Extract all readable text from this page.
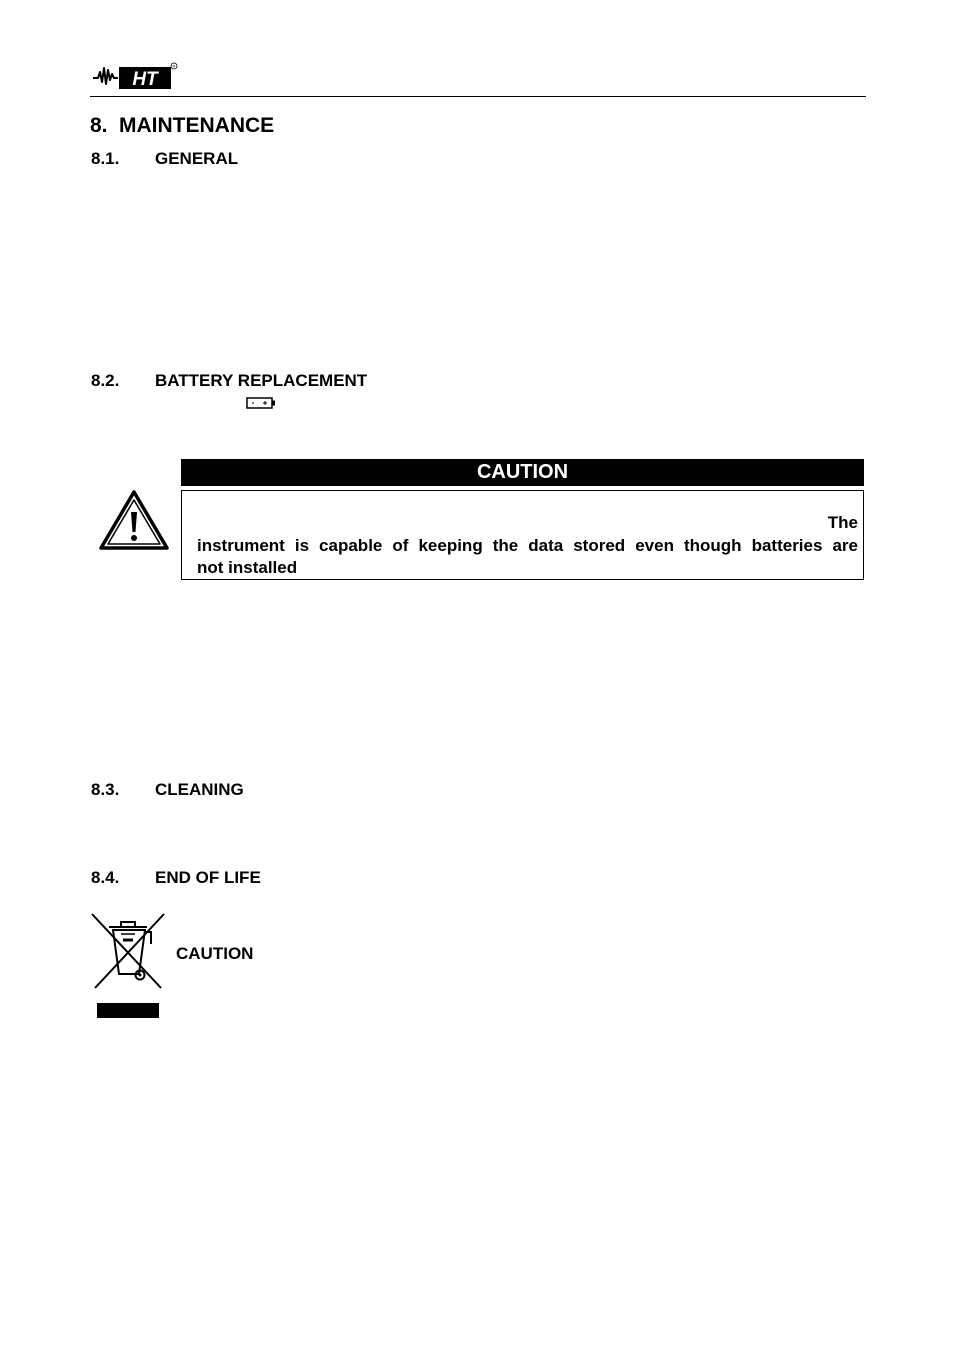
HT
R
8. MAINTENANCE
8.1. GENERAL
8.2. BATTERY REPLACEMENT
CAUTION
The
instrument is capable of keeping the data stored even though batteries are
not installed
8.3. CLEANING
8.4. END OF LIFE
CAUTION
